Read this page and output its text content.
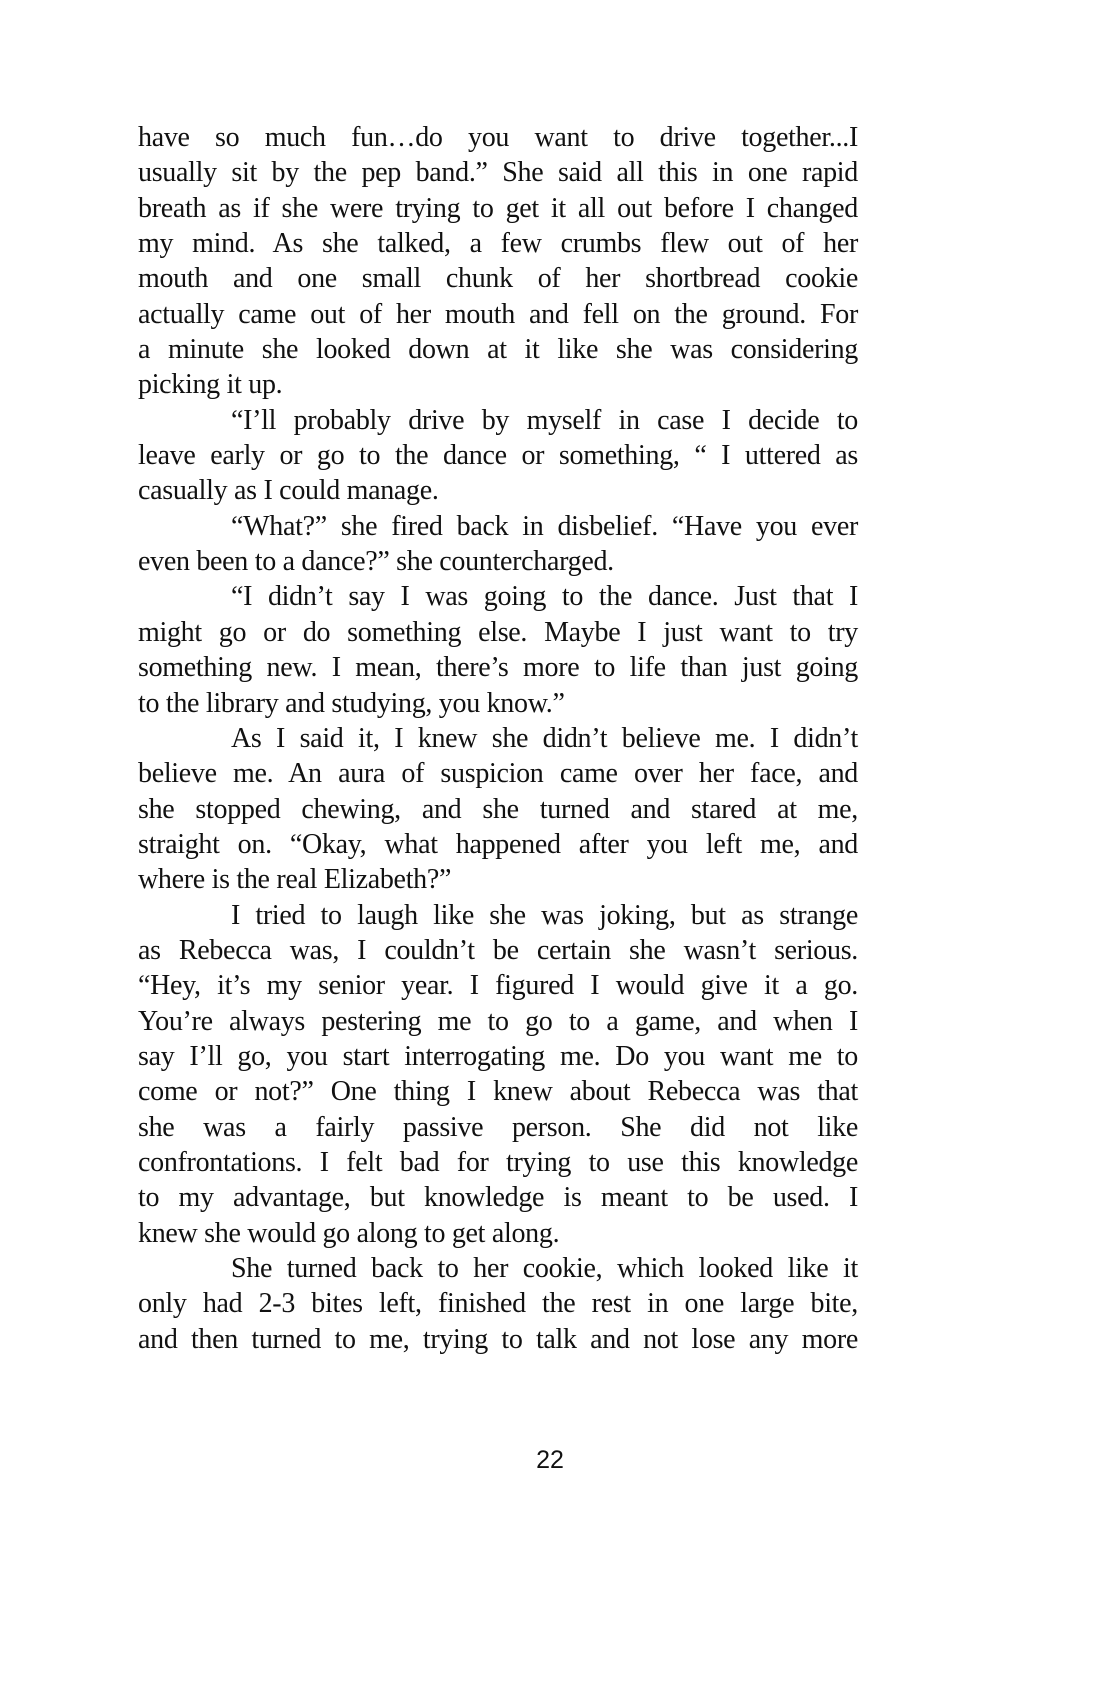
have so much fun…do you want to drive together...I
usually sit by the pep band.” She said all this in one rapid
breath as if she were trying to get it all out before I changed
my mind. As she talked, a few crumbs flew out of her
mouth and one small chunk of her shortbread cookie
actually came out of her mouth and fell on the ground. For
a minute she looked down at it like she was considering
picking it up.
“I’ll probably drive by myself in case I decide to
leave early or go to the dance or something, “ I uttered as
casually as I could manage.
“What?” she fired back in disbelief. “Have you ever
even been to a dance?” she countercharged.
“I didn’t say I was going to the dance. Just that I
might go or do something else. Maybe I just want to try
something new. I mean, there’s more to life than just going
to the library and studying, you know.”
As I said it, I knew she didn’t believe me. I didn’t
believe me. An aura of suspicion came over her face, and
she stopped chewing, and she turned and stared at me,
straight on. “Okay, what happened after you left me, and
where is the real Elizabeth?”
I tried to laugh like she was joking, but as strange
as Rebecca was, I couldn’t be certain she wasn’t serious.
“Hey, it’s my senior year. I figured I would give it a go.
You’re always pestering me to go to a game, and when I
say I’ll go, you start interrogating me. Do you want me to
come or not?” One thing I knew about Rebecca was that
she was a fairly passive person. She did not like
confrontations. I felt bad for trying to use this knowledge
to my advantage, but knowledge is meant to be used. I
knew she would go along to get along.
She turned back to her cookie, which looked like it
only had 2-3 bites left, finished the rest in one large bite,
and then turned to me, trying to talk and not lose any more
22
